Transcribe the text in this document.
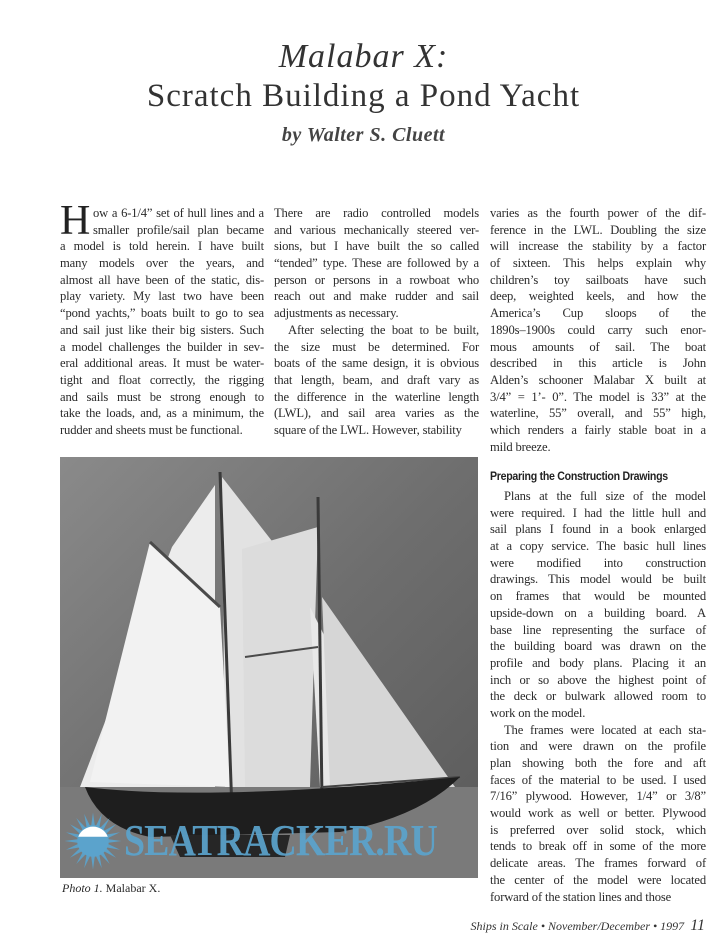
Malabar X:
Scratch Building a Pond Yacht
by Walter S. Cluett
H ow a 6-1/4” set of hull lines and a
smaller profile/sail plan became
a model is told herein. I have built
many models over the years, and
almost all have been of the static, dis-
play variety. My last two have been
“pond yachts,” boats built to go to sea
and sail just like their big sisters. Such
a model challenges the builder in sev-
eral additional areas. It must be water-
tight and float correctly, the rigging
and sails must be strong enough to
take the loads, and, as a minimum, the
rudder and sheets must be functional.
There are radio controlled models
and various mechanically steered ver-
sions, but I have built the so called
“tended” type. These are followed by a
person or persons in a rowboat who
reach out and make rudder and sail
adjustments as necessary.
After selecting the boat to be built,
the size must be determined. For
boats of the same design, it is obvious
that length, beam, and draft vary as
the difference in the waterline length
(LWL), and sail area varies as the
square of the LWL. However, stability
varies as the fourth power of the dif-
ference in the LWL. Doubling the size
will increase the stability by a factor
of sixteen. This helps explain why
children’s toy sailboats have such
deep, weighted keels, and how the
America’s Cup sloops of the
1890s–1900s could carry such enor-
mous amounts of sail. The boat
described in this article is John
Alden’s schooner Malabar X built at
3/4” = 1’- 0”. The model is 33” at the
waterline, 55” overall, and 55” high,
which renders a fairly stable boat in a
mild breeze.
Preparing the Construction Drawings
Plans at the full size of the model
were required. I had the little hull and
sail plans I found in a book enlarged
at a copy service. The basic hull lines
were modified into construction
drawings. This model would be built
on frames that would be mounted
upside-down on a building board. A
base line representing the surface of
the building board was drawn on the
profile and body plans. Placing it an
inch or so above the highest point of
the deck or bulwark allowed room to
work on the model.
The frames were located at each sta-
tion and were drawn on the profile
plan showing both the fore and aft
faces of the material to be used. I used
7/16” plywood. However, 1/4” or 3/8”
would work as well or better. Plywood
is preferred over solid stock, which
tends to break off in some of the more
delicate areas. The frames forward of
the center of the model were located
forward of the station lines and those
SEATRACKER.RU
Photo 1. Malabar X.
Ships in Scale • November/December • 1997 11
